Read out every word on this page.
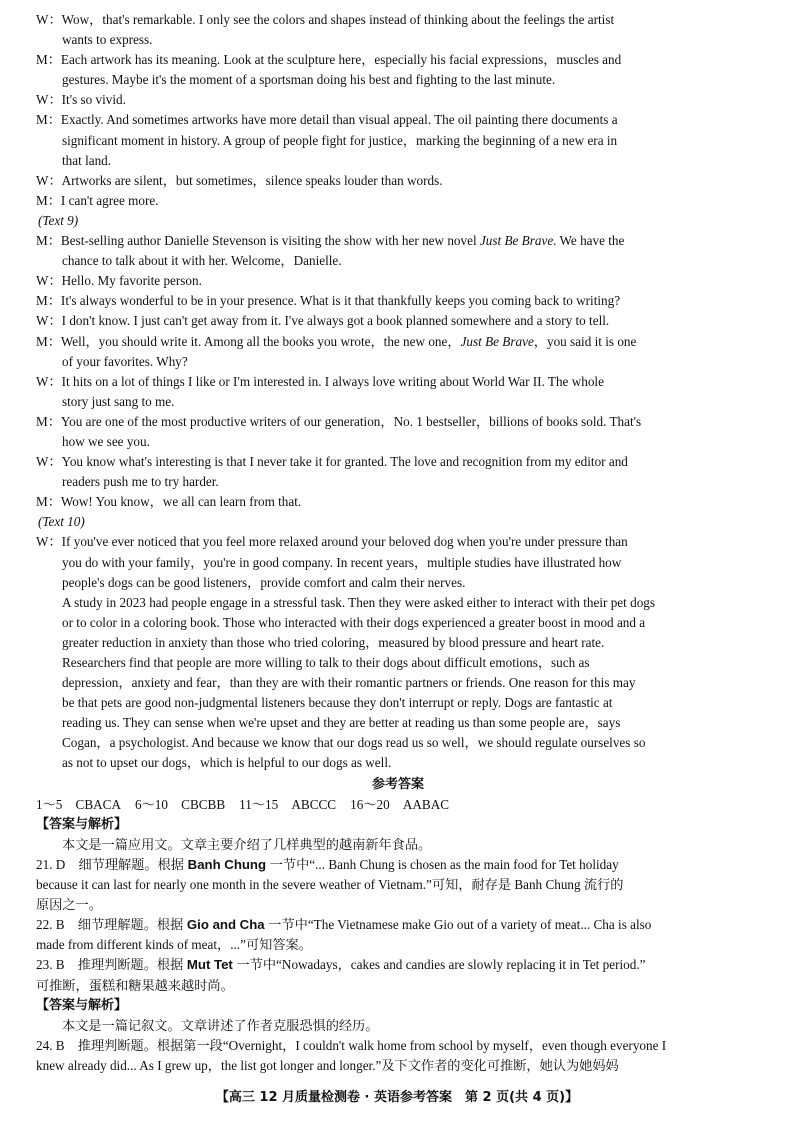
W：Wow，that's remarkable. I only see the colors and shapes instead of thinking about the feelings the artist

wants to express.

M：Each artwork has its meaning. Look at the sculpture here，especially his facial expressions，muscles and

gestures. Maybe it's the moment of a sportsman doing his best and fighting to the last minute.

W：It's so vivid.

M：Exactly. And sometimes artworks have more detail than visual appeal. The oil painting there documents a

significant moment in history. A group of people fight for justice，marking the beginning of a new era in

that land.

W：Artworks are silent，but sometimes，silence speaks louder than words.

M：I can't agree more.

(Text 9)

M：Best-selling author Danielle Stevenson is visiting the show with her new novel Just Be Brave. We have the

chance to talk about it with her. Welcome，Danielle.

W：Hello. My favorite person.

M：It's always wonderful to be in your presence. What is it that thankfully keeps you coming back to writing?

W：I don't know. I just can't get away from it. I've always got a book planned somewhere and a story to tell.

M：Well，you should write it. Among all the books you wrote，the new one，Just Be Brave，you said it is one

of your favorites. Why?

W：It hits on a lot of things I like or I'm interested in. I always love writing about World War II. The whole

story just sang to me.

M：You are one of the most productive writers of our generation，No. 1 bestseller，billions of books sold. That's

how we see you.

W：You know what's interesting is that I never take it for granted. The love and recognition from my editor and

readers push me to try harder.

M：Wow! You know，we all can learn from that.

(Text 10)

W：If you've ever noticed that you feel more relaxed around your beloved dog when you're under pressure than

you do with your family，you're in good company. In recent years，multiple studies have illustrated how

people's dogs can be good listeners，provide comfort and calm their nerves.

A study in 2023 had people engage in a stressful task. Then they were asked either to interact with their pet dogs

or to color in a coloring book. Those who interacted with their dogs experienced a greater boost in mood and a

greater reduction in anxiety than those who tried coloring，measured by blood pressure and heart rate.

Researchers find that people are more willing to talk to their dogs about difficult emotions，such as

depression，anxiety and fear，than they are with their romantic partners or friends. One reason for this may

be that pets are good non-judgmental listeners because they don't interrupt or reply. Dogs are fantastic at

reading us. They can sense when we're upset and they are better at reading us than some people are，says

Cogan，a psychologist. And because we know that our dogs read us so well，we should regulate ourselves so

as not to upset our dogs，which is helpful to our dogs as well.

参考答案

1～5　CBACA 6～10　CBCBB 11～15　ABCCC 16～20　AABAC

【答案与解析】

本文是一篇应用文。文章主要介绍了几样典型的越南新年食品。

21. D　细节理解题。根据 Banh Chung 一节中“... Banh Chung is chosen as the main food for Tet holiday

because it can last for nearly one month in the severe weather of Vietnam.”可知，耐存是 Banh Chung 流行的

原因之一。

22. B　细节理解题。根据 Gio and Cha 一节中“The Vietnamese make Gio out of a variety of meat... Cha is also

made from different kinds of meat，...”可知答案。

23. B　推理判断题。根据 Mut Tet 一节中“Nowadays，cakes and candies are slowly replacing it in Tet period.”

可推断，蛋糕和糖果越来越时尚。

【答案与解析】

本文是一篇记叙文。文章讲述了作者克服恐惧的经历。

24. B　推理判断题。根据第一段“Overnight，I couldn't walk home from school by myself，even though everyone I

knew already did... As I grew up，the list got longer and longer.”及下文作者的变化可推断，她认为她妈妈

【高三 12 月质量检测卷 · 英语参考答案　第 2 页(共 4 页)】
